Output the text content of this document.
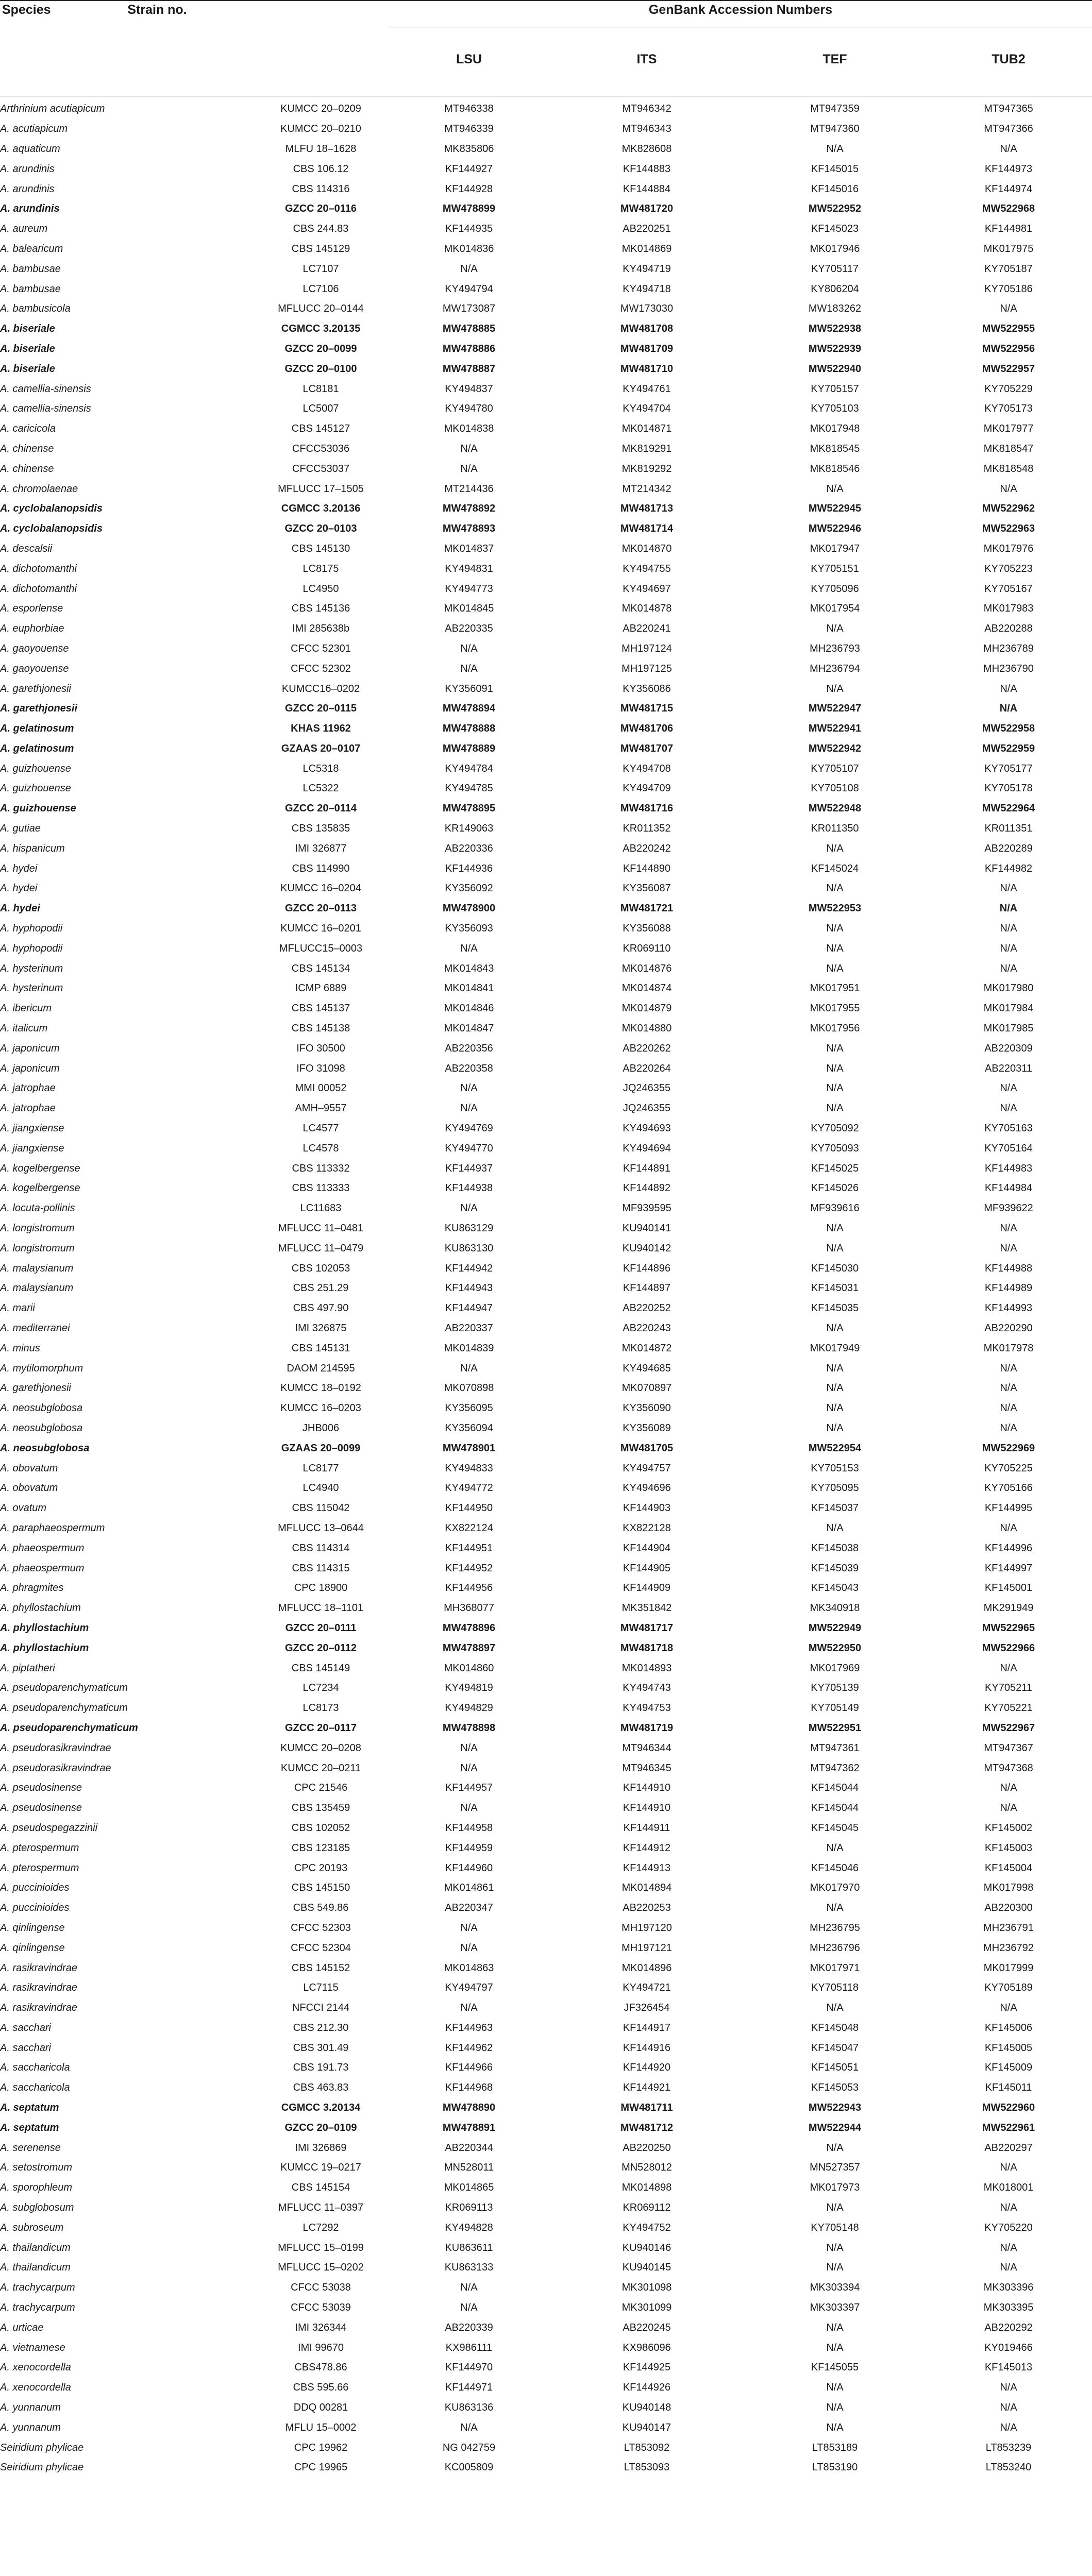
Species	Strain no.	GenBank Accession Numbers
LSU	ITS	TEF	TUB2
Arthrinium acutiapicum	KUMCC 20–0209	MT946338	MT946342	MT947359	MT947365
A. acutiapicum	KUMCC 20–0210	MT946339	MT946343	MT947360	MT947366
A. aquaticum	MLFU 18–1628	MK835806	MK828608	N/A	N/A
A. arundinis	CBS 106.12	KF144927	KF144883	KF145015	KF144973
A. arundinis	CBS 114316	KF144928	KF144884	KF145016	KF144974
A. arundinis	GZCC 20–0116	MW478899	MW481720	MW522952	MW522968
A. aureum	CBS 244.83	KF144935	AB220251	KF145023	KF144981
A. balearicum	CBS 145129	MK014836	MK014869	MK017946	MK017975
A. bambusae	LC7107	N/A	KY494719	KY705117	KY705187
A. bambusae	LC7106	KY494794	KY494718	KY806204	KY705186
A. bambusicola	MFLUCC 20–0144	MW173087	MW173030	MW183262	N/A
A. biseriale	CGMCC 3.20135	MW478885	MW481708	MW522938	MW522955
A. biseriale	GZCC 20–0099	MW478886	MW481709	MW522939	MW522956
A. biseriale	GZCC 20–0100	MW478887	MW481710	MW522940	MW522957
A. camellia-sinensis	LC8181	KY494837	KY494761	KY705157	KY705229
A. camellia-sinensis	LC5007	KY494780	KY494704	KY705103	KY705173
A. caricicola	CBS 145127	MK014838	MK014871	MK017948	MK017977
A. chinense	CFCC53036	N/A	MK819291	MK818545	MK818547
A. chinense	CFCC53037	N/A	MK819292	MK818546	MK818548
A. chromolaenae	MFLUCC 17–1505	MT214436	MT214342	N/A	N/A
A. cyclobalanopsidis	CGMCC 3.20136	MW478892	MW481713	MW522945	MW522962
A. cyclobalanopsidis	GZCC 20–0103	MW478893	MW481714	MW522946	MW522963
A. descalsii	CBS 145130	MK014837	MK014870	MK017947	MK017976
A. dichotomanthi	LC8175	KY494831	KY494755	KY705151	KY705223
A. dichotomanthi	LC4950	KY494773	KY494697	KY705096	KY705167
A. esporlense	CBS 145136	MK014845	MK014878	MK017954	MK017983
A. euphorbiae	IMI 285638b	AB220335	AB220241	N/A	AB220288
A. gaoyouense	CFCC 52301	N/A	MH197124	MH236793	MH236789
A. gaoyouense	CFCC 52302	N/A	MH197125	MH236794	MH236790
A. garethjonesii	KUMCC16–0202	KY356091	KY356086	N/A	N/A
A. garethjonesii	GZCC 20–0115	MW478894	MW481715	MW522947	N/A
A. gelatinosum	KHAS 11962	MW478888	MW481706	MW522941	MW522958
A. gelatinosum	GZAAS 20–0107	MW478889	MW481707	MW522942	MW522959
A. guizhouense	LC5318	KY494784	KY494708	KY705107	KY705177
A. guizhouense	LC5322	KY494785	KY494709	KY705108	KY705178
A. guizhouense	GZCC 20–0114	MW478895	MW481716	MW522948	MW522964
A. gutiae	CBS 135835	KR149063	KR011352	KR011350	KR011351
A. hispanicum	IMI 326877	AB220336	AB220242	N/A	AB220289
A. hydei	CBS 114990	KF144936	KF144890	KF145024	KF144982
A. hydei	KUMCC 16–0204	KY356092	KY356087	N/A	N/A
A. hydei	GZCC 20–0113	MW478900	MW481721	MW522953	N/A
A. hyphopodii	KUMCC 16–0201	KY356093	KY356088	N/A	N/A
A. hyphopodii	MFLUCC15–0003	N/A	KR069110	N/A	N/A
A. hysterinum	CBS 145134	MK014843	MK014876	N/A	N/A
A. hysterinum	ICMP 6889	MK014841	MK014874	MK017951	MK017980
A. ibericum	CBS 145137	MK014846	MK014879	MK017955	MK017984
A. italicum	CBS 145138	MK014847	MK014880	MK017956	MK017985
A. japonicum	IFO 30500	AB220356	AB220262	N/A	AB220309
A. japonicum	IFO 31098	AB220358	AB220264	N/A	AB220311
A. jatrophae	MMI 00052	N/A	JQ246355	N/A	N/A
A. jatrophae	AMH–9557	N/A	JQ246355	N/A	N/A
A. jiangxiense	LC4577	KY494769	KY494693	KY705092	KY705163
A. jiangxiense	LC4578	KY494770	KY494694	KY705093	KY705164
A. kogelbergense	CBS 113332	KF144937	KF144891	KF145025	KF144983
A. kogelbergense	CBS 113333	KF144938	KF144892	KF145026	KF144984
A. locuta-pollinis	LC11683	N/A	MF939595	MF939616	MF939622
A. longistromum	MFLUCC 11–0481	KU863129	KU940141	N/A	N/A
A. longistromum	MFLUCC 11–0479	KU863130	KU940142	N/A	N/A
A. malaysianum	CBS 102053	KF144942	KF144896	KF145030	KF144988
A. malaysianum	CBS 251.29	KF144943	KF144897	KF145031	KF144989
A. marii	CBS 497.90	KF144947	AB220252	KF145035	KF144993
A. mediterranei	IMI 326875	AB220337	AB220243	N/A	AB220290
A. minus	CBS 145131	MK014839	MK014872	MK017949	MK017978
A. mytilomorphum	DAOM 214595	N/A	KY494685	N/A	N/A
A. garethjonesii	KUMCC 18–0192	MK070898	MK070897	N/A	N/A
A. neosubglobosa	KUMCC 16–0203	KY356095	KY356090	N/A	N/A
A. neosubglobosa	JHB006	KY356094	KY356089	N/A	N/A
A. neosubglobosa	GZAAS 20–0099	MW478901	MW481705	MW522954	MW522969
A. obovatum	LC8177	KY494833	KY494757	KY705153	KY705225
A. obovatum	LC4940	KY494772	KY494696	KY705095	KY705166
A. ovatum	CBS 115042	KF144950	KF144903	KF145037	KF144995
A. paraphaeospermum	MFLUCC 13–0644	KX822124	KX822128	N/A	N/A
A. phaeospermum	CBS 114314	KF144951	KF144904	KF145038	KF144996
A. phaeospermum	CBS 114315	KF144952	KF144905	KF145039	KF144997
A. phragmites	CPC 18900	KF144956	KF144909	KF145043	KF145001
A. phyllostachium	MFLUCC 18–1101	MH368077	MK351842	MK340918	MK291949
A. phyllostachium	GZCC 20–0111	MW478896	MW481717	MW522949	MW522965
A. phyllostachium	GZCC 20–0112	MW478897	MW481718	MW522950	MW522966
A. piptatheri	CBS 145149	MK014860	MK014893	MK017969	N/A
A. pseudoparenchymaticum	LC7234	KY494819	KY494743	KY705139	KY705211
A. pseudoparenchymaticum	LC8173	KY494829	KY494753	KY705149	KY705221
A. pseudoparenchymaticum	GZCC 20–0117	MW478898	MW481719	MW522951	MW522967
A. pseudorasikravindrae	KUMCC 20–0208	N/A	MT946344	MT947361	MT947367
A. pseudorasikravindrae	KUMCC 20–0211	N/A	MT946345	MT947362	MT947368
A. pseudosinense	CPC 21546	KF144957	KF144910	KF145044	N/A
A. pseudosinense	CBS 135459	N/A	KF144910	KF145044	N/A
A. pseudospegazzinii	CBS 102052	KF144958	KF144911	KF145045	KF145002
A. pterospermum	CBS 123185	KF144959	KF144912	N/A	KF145003
A. pterospermum	CPC 20193	KF144960	KF144913	KF145046	KF145004
A. puccinioides	CBS 145150	MK014861	MK014894	MK017970	MK017998
A. puccinioides	CBS 549.86	AB220347	AB220253	N/A	AB220300
A. qinlingense	CFCC 52303	N/A	MH197120	MH236795	MH236791
A. qinlingense	CFCC 52304	N/A	MH197121	MH236796	MH236792
A. rasikravindrae	CBS 145152	MK014863	MK014896	MK017971	MK017999
A. rasikravindrae	LC7115	KY494797	KY494721	KY705118	KY705189
A. rasikravindrae	NFCCI 2144	N/A	JF326454	N/A	N/A
A. sacchari	CBS 212.30	KF144963	KF144917	KF145048	KF145006
A. sacchari	CBS 301.49	KF144962	KF144916	KF145047	KF145005
A. saccharicola	CBS 191.73	KF144966	KF144920	KF145051	KF145009
A. saccharicola	CBS 463.83	KF144968	KF144921	KF145053	KF145011
A. septatum	CGMCC 3.20134	MW478890	MW481711	MW522943	MW522960
A. septatum	GZCC 20–0109	MW478891	MW481712	MW522944	MW522961
A. serenense	IMI 326869	AB220344	AB220250	N/A	AB220297
A. setostromum	KUMCC 19–0217	MN528011	MN528012	MN527357	N/A
A. sporophleum	CBS 145154	MK014865	MK014898	MK017973	MK018001
A. subglobosum	MFLUCC 11–0397	KR069113	KR069112	N/A	N/A
A. subroseum	LC7292	KY494828	KY494752	KY705148	KY705220
A. thailandicum	MFLUCC 15–0199	KU863611	KU940146	N/A	N/A
A. thailandicum	MFLUCC 15–0202	KU863133	KU940145	N/A	N/A
A. trachycarpum	CFCC 53038	N/A	MK301098	MK303394	MK303396
A. trachycarpum	CFCC 53039	N/A	MK301099	MK303397	MK303395
A. urticae	IMI 326344	AB220339	AB220245	N/A	AB220292
A. vietnamese	IMI 99670	KX986111	KX986096	N/A	KY019466
A. xenocordella	CBS478.86	KF144970	KF144925	KF145055	KF145013
A. xenocordella	CBS 595.66	KF144971	KF144926	N/A	N/A
A. yunnanum	DDQ 00281	KU863136	KU940148	N/A	N/A
A. yunnanum	MFLU 15–0002	N/A	KU940147	N/A	N/A
Seiridium phylicae	CPC 19962	NG 042759	LT853092	LT853189	LT853239
Seiridium phylicae	CPC 19965	KC005809	LT853093	LT853190	LT853240
